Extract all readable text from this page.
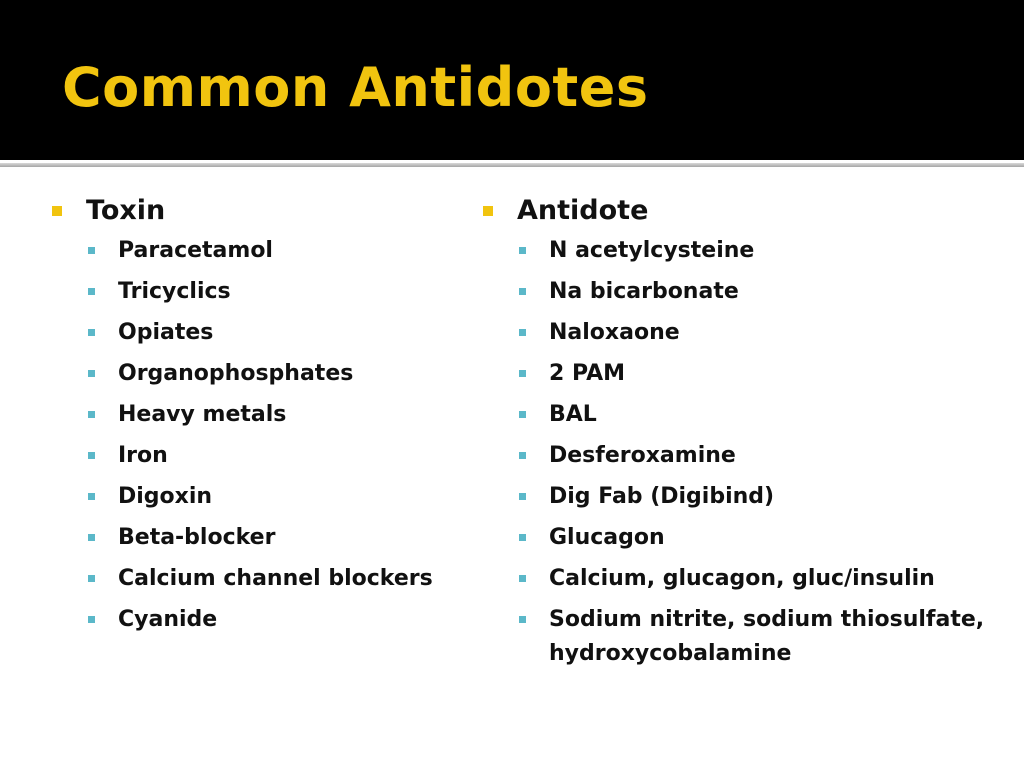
Common Antidotes
Toxin
Paracetamol
Tricyclics
Opiates
Organophosphates
Heavy metals
Iron
Digoxin
Beta-blocker
Calcium channel blockers
Cyanide
Antidote
N acetylcysteine
Na bicarbonate
Naloxaone
2 PAM
BAL
Desferoxamine
Dig Fab (Digibind)
Glucagon
Calcium, glucagon, gluc/insulin
Sodium nitrite, sodium thiosulfate, hydroxycobalamine
